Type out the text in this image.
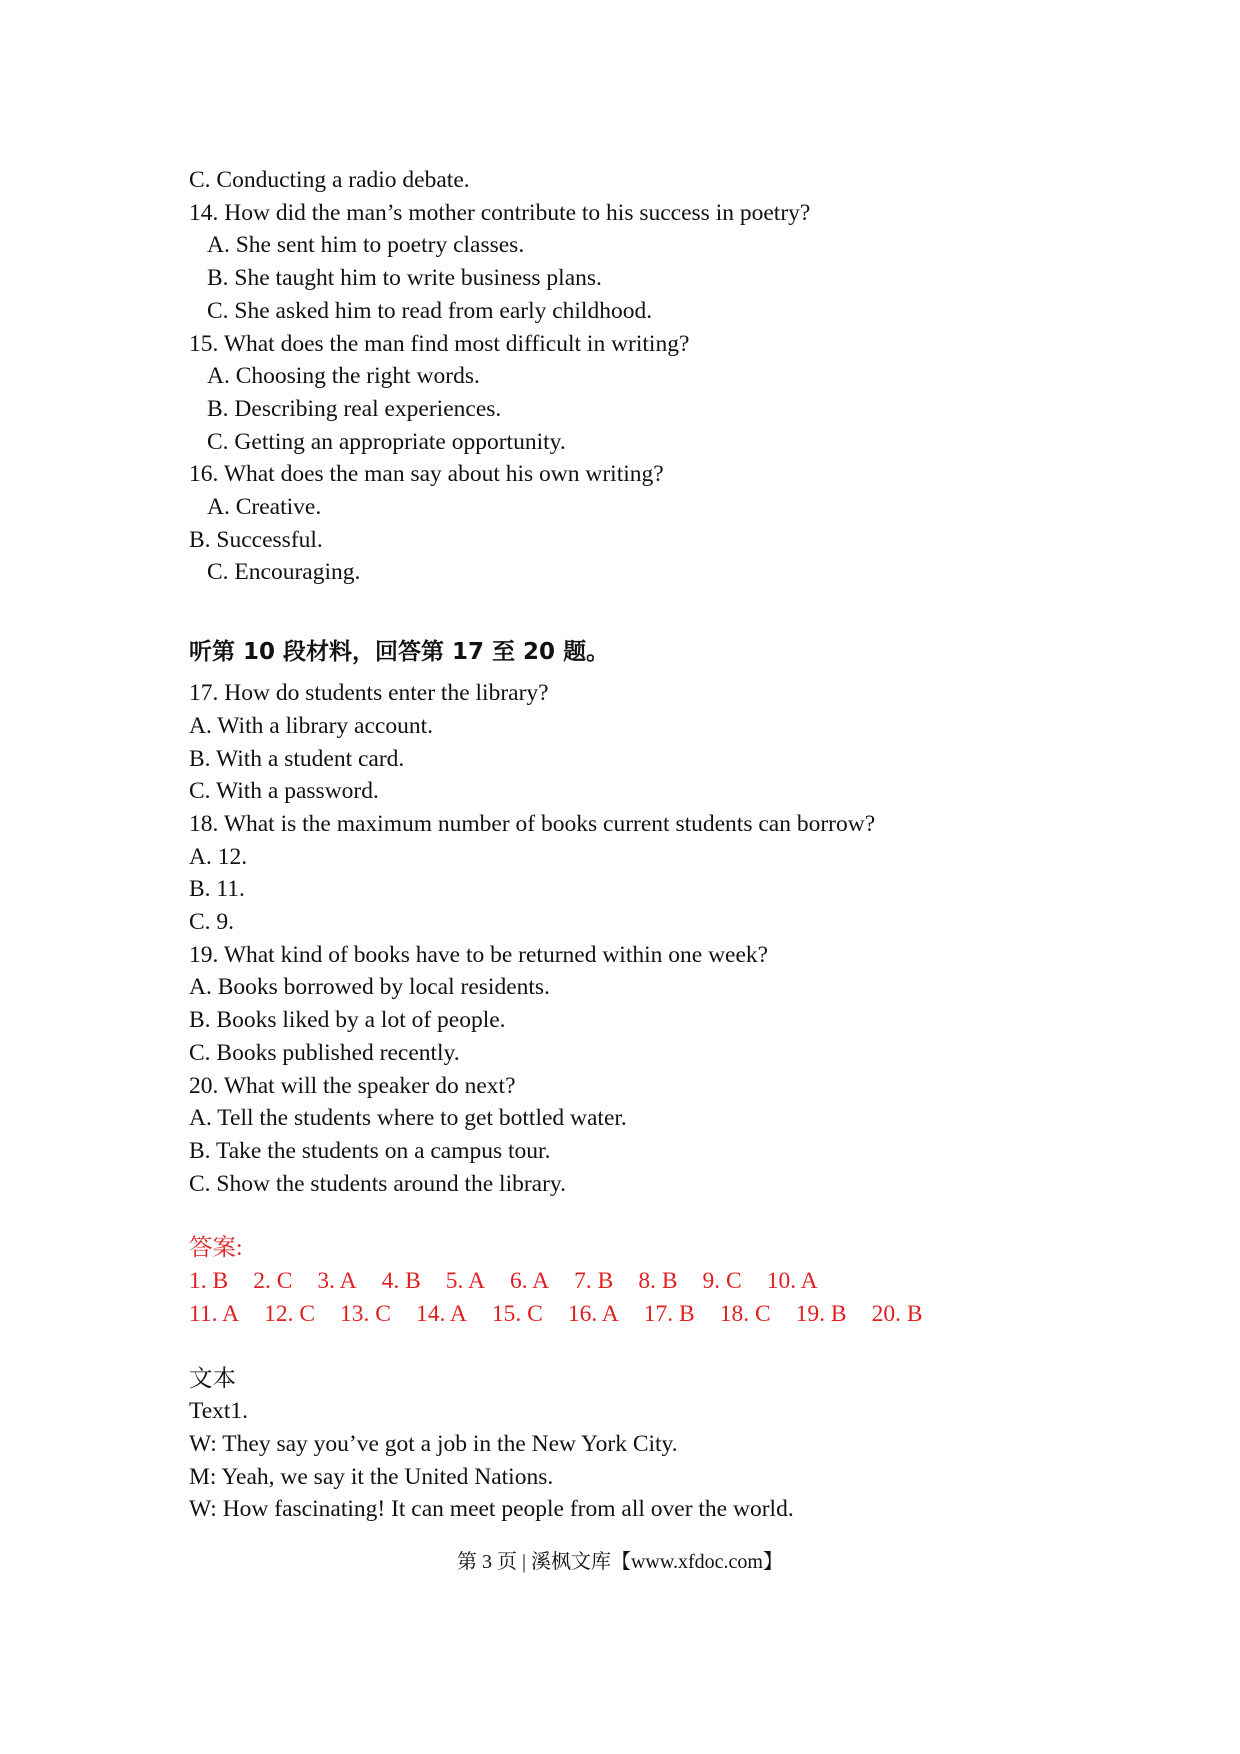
C. Conducting a radio debate.
14. How did the man’s mother contribute to his success in poetry?
A. She sent him to poetry classes.
B. She taught him to write business plans.
C. She asked him to read from early childhood.
15. What does the man find most difficult in writing?
A. Choosing the right words.
B. Describing real experiences.
C. Getting an appropriate opportunity.
16. What does the man say about his own writing?
A. Creative.
B. Successful.
C. Encouraging.
听第 10 段材料，回答第 17 至 20 题。
17. How do students enter the library?
A. With a library account.
B. With a student card.
C. With a password.
18. What is the maximum number of books current students can borrow?
A. 12.
B. 11.
C. 9.
19. What kind of books have to be returned within one week?
A. Books borrowed by local residents.
B. Books liked by a lot of people.
C. Books published recently.
20. What will the speaker do next?
A. Tell the students where to get bottled water.
B. Take the students on a campus tour.
C. Show the students around the library.
答案:
1. B 2. C 3. A 4. B 5. A 6. A 7. B 8. B 9. C 10. A
11. A 12. C 13. C 14. A 15. C 16. A 17. B 18. C 19. B 20. B
文本
Text1.
W: They say you’ve got a job in the New York City.
M: Yeah, we say it the United Nations.
W: How fascinating! It can meet people from all over the world.
第 3 页 | 溪枫文库【www.xfdoc.com】
